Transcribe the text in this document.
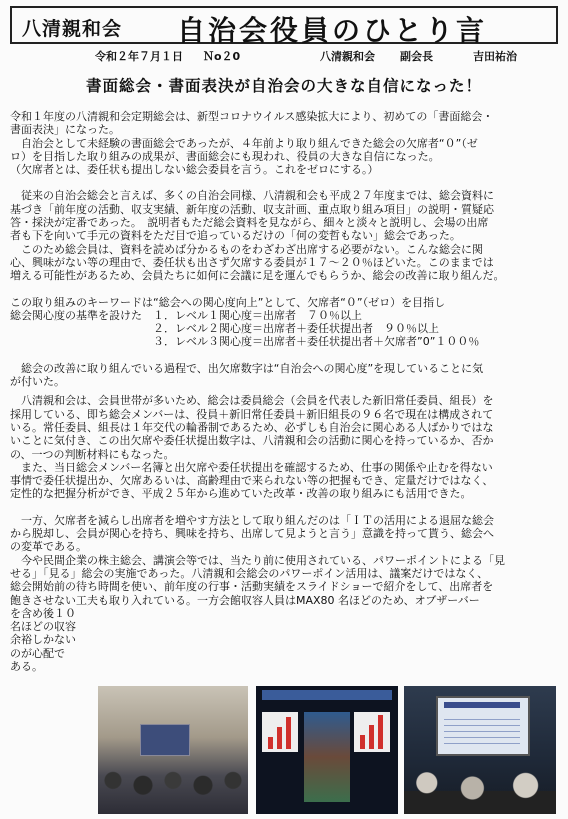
八清親和会 自治会役員のひとり言
令和２年７月１日 Ｎo２0	八清親和会 副会長	吉田祐治
書面総会・書面表決が自治会の大きな自信になった！

令和１年度の八清親和会定期総会は、新型コロナウイルス感染拡大により、初めての「書面総会・
書面表決」になった。
　自治会として未経験の書面総会であったが、４年前より取り組んできた総会の欠席者“０”（ゼ
ロ）を目指した取り組みの成果が、書面総会にも現われ、役員の大きな自信になった。
（欠席者とは、委任状も提出しない総会委員を言う。これをゼロにする。）

　従来の自治会総会と言えば、多くの自治会同様、八清親和会も平成２７年度までは、総会資料に
基づき「前年度の活動、収支実績、新年度の活動、収支計画、重点取り組み項目」の説明・質疑応
答・採決が定番であった。　説明者もただ総会資料を見ながら、細々と淡々と説明し、会場の出席
者も下を向いて手元の資料をただ目で追っているだけの「何の変哲もない」総会であった。
　このため総会員は、資料を読めば分かるものをわざわざ出席する必要がない。こんな総会に関
心、興味がない等の理由で、委任状も出さず欠席する委員が１７～２０％ほどいた。このままでは
増える可能性があるため、会員たちに如何に会議に足を運んでもらうか、総会の改善に取り組んだ。

この取り組みのキーワードは“総会への関心度向上”として、欠席者“０”（ゼロ）を目指し
総会関心度の基準を設けた　１．レベル１関心度＝出席者　７０％以上
　　　　　　　　　　　　　２．レベル２関心度＝出席者＋委任状提出者　９０％以上
　　　　　　　　　　　　　３．レベル３関心度＝出席者＋委任状提出者＋欠席者”0”１００％

　総会の改善に取り組んでいる過程で、出欠席数字は“自治会への関心度”を現していることに気
が付いた。

　八清親和会は、会員世帯が多いため、総会は委員総会（会員を代表した新旧常任委員、組長）を
採用している、即ち総会メンバーは、役員＋新旧常任委員＋新旧組長の９６名で現在は構成されて
いる。常任委員、組長は１年交代の輪番制であるため、必ずしも自治会に関心ある人ばかりではな
いことに気付き、この出欠席や委任状提出数字は、八清親和会の活動に関心を持っているか、否か
の、一つの判断材料にもなった。
　また、当日総会メンバー名簿と出欠席や委任状提出を確認するため、仕事の関係や止むを得ない
事情で委任状提出か、欠席あるいは、高齢理由で来られない等の把握もでき、定量だけではなく、
定性的な把握分析ができ、平成２５年から進めていた改革・改善の取り組みにも活用できた。

　一方、欠席者を減らし出席者を増やす方法として取り組んだのは「ＩＴの活用による退屈な総会
から脱却し、会員が関心を持ち、興味を持ち、出席して見ようと言う」意識を持って貰う、総会へ
の変革である。
　今や民間企業の株主総会、講演会等では、当たり前に使用されている、パワーポイントによる「見
せる」「見る」総会の実施であった。八清親和会総会のパワーポイン活用は、議案だけではなく、
総会開始前の待ち時間を使い、前年度の行事・活動実績をスライドショーで紹介をして、出席者を
飽きさせない工夫も取り入れている。一方会館収容人員はMAX80 名ほどのため、オブザーバー
を含め後１０
名ほどの収容
余裕しかない
のが心配で
ある。
